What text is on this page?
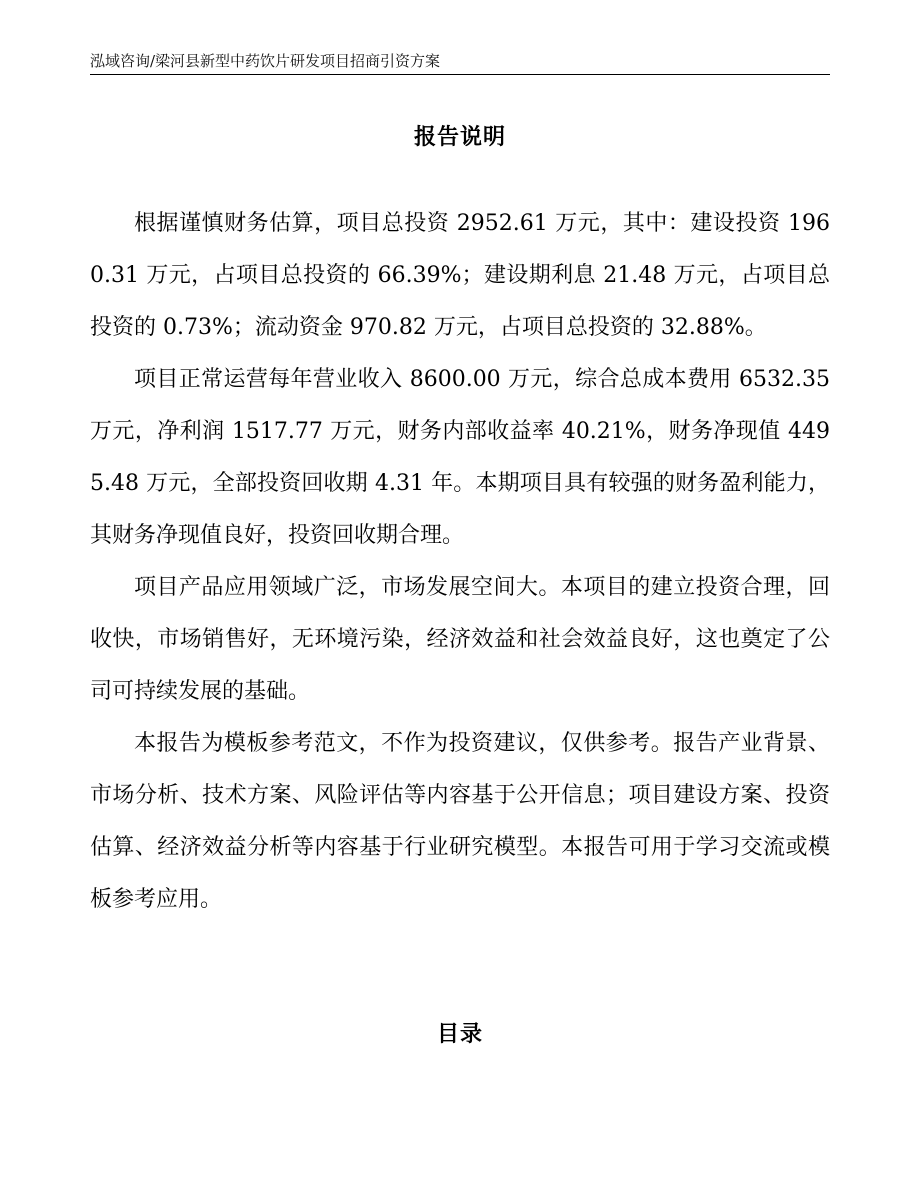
泓域咨询/梁河县新型中药饮片研发项目招商引资方案
报告说明

根据谨慎财务估算，项目总投资 2952.61 万元，其中：建设投资 1960.31 万元，占项目总投资的 66.39%；建设期利息 21.48 万元，占项目总投资的 0.73%；流动资金 970.82 万元，占项目总投资的 32.88%。

项目正常运营每年营业收入 8600.00 万元，综合总成本费用 6532.35 万元，净利润 1517.77 万元，财务内部收益率 40.21%，财务净现值 4495.48 万元，全部投资回收期 4.31 年。本期项目具有较强的财务盈利能力，其财务净现值良好，投资回收期合理。

项目产品应用领域广泛，市场发展空间大。本项目的建立投资合理，回收快，市场销售好，无环境污染，经济效益和社会效益良好，这也奠定了公司可持续发展的基础。

本报告为模板参考范文，不作为投资建议，仅供参考。报告产业背景、市场分析、技术方案、风险评估等内容基于公开信息；项目建设方案、投资估算、经济效益分析等内容基于行业研究模型。本报告可用于学习交流或模板参考应用。

目录
